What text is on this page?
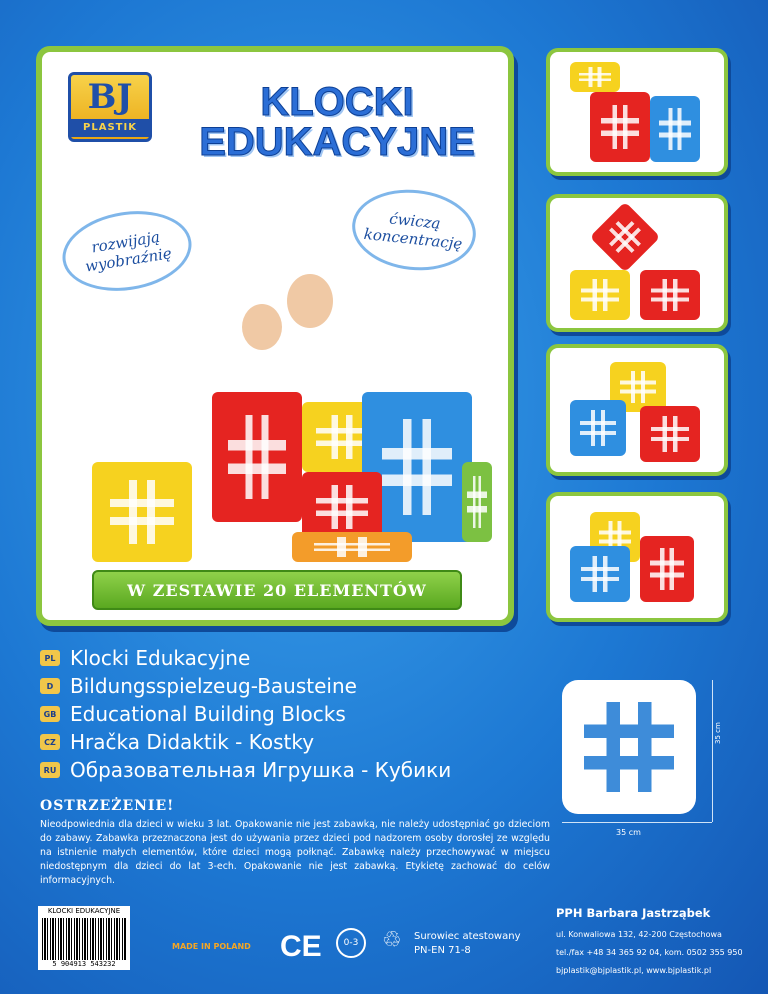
BJ
PLASTIK
KLOCKI
EDUKACYJNE
rozwijają wyobraźnię
ćwiczą koncentrację
W ZESTAWIE 20 ELEMENTÓW
PL Klocki Edukacyjne
D Bildungsspielzeug-Bausteine
GB Educational Building Blocks
CZ Hračka Didaktik - Kostky
RU Образовательная Игрушка - Кубики
OSTRZEŻENIE!
Nieodpowiednia dla dzieci w wieku 3 lat. Opakowanie nie jest zabawką, nie należy udostępniać go dzieciom do zabawy. Zabawka przeznaczona jest do używania przez dzieci pod nadzorem osoby dorosłej ze względu na istnienie małych elementów, które dzieci mogą połknąć. Zabawkę należy przechowywać w miejscu niedostępnym dla dzieci do lat 3-ech. Opakowanie nie jest zabawką. Etykietę zachować do celów informacyjnych.
35 cm
35 cm
KLOCKI EDUKACYJNE
5 904913 543232
MADE IN POLAND CE	0-3	♲ Surowiec atestowany
PN-EN 71-8
PPH Barbara Jastrząbek
ul. Konwaliowa 132, 42-200 Częstochowa
tel./fax +48 34 365 92 04, kom. 0502 355 950
bjplastik@bjplastik.pl, www.bjplastik.pl
